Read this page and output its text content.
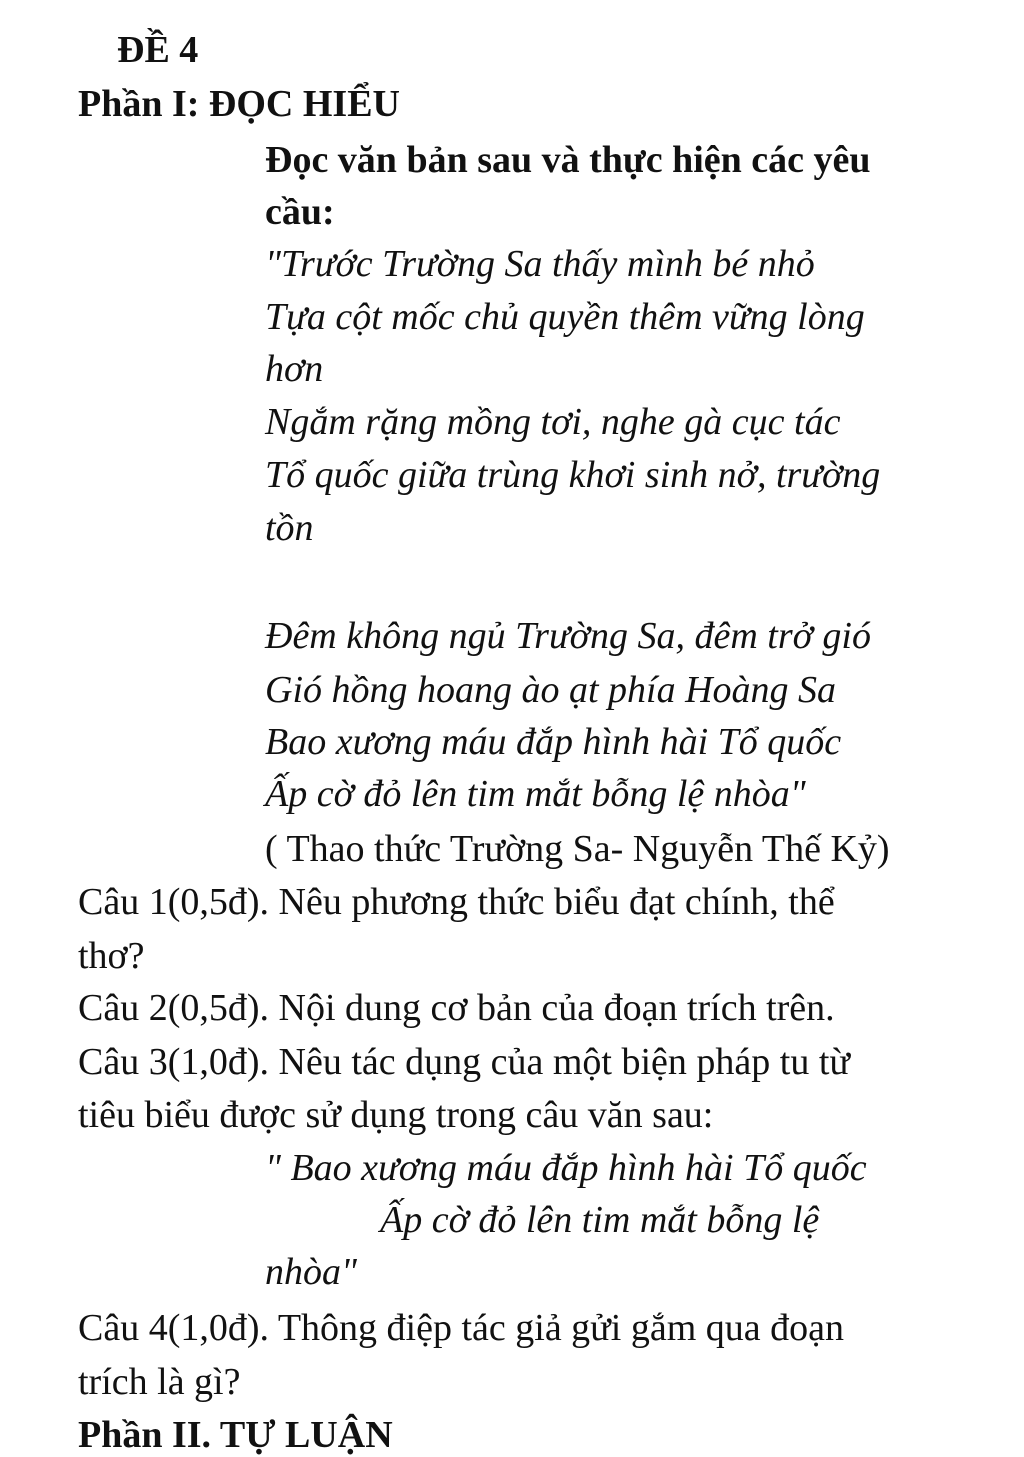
ĐỀ 4
Phần I: ĐỌC HIỂU
Đọc văn bản sau và thực hiện các yêu
cầu:
"Trước Trường Sa thấy mình bé nhỏ
Tựa cột mốc chủ quyền thêm vững lòng
hơn
Ngắm rặng mồng tơi, nghe gà cục tác
Tổ quốc giữa trùng khơi sinh nở, trường
tồn
Đêm không ngủ Trường Sa, đêm trở gió
Gió hồng hoang ào ạt phía Hoàng Sa
Bao xương máu đắp hình hài Tổ quốc
Ấp cờ đỏ lên tim mắt bỗng lệ nhòa"
( Thao thức Trường Sa- Nguyễn Thế Kỷ)
Câu 1(0,5đ). Nêu phương thức biểu đạt chính, thể
thơ?
Câu 2(0,5đ). Nội dung cơ bản của đoạn trích trên.
Câu 3(1,0đ). Nêu tác dụng của một biện pháp tu từ
tiêu biểu được sử dụng trong câu văn sau:
" Bao xương máu đắp hình hài Tổ quốc
Ấp cờ đỏ lên tim mắt bỗng lệ
nhòa"
Câu 4(1,0đ). Thông điệp tác giả gửi gắm qua đoạn
trích là gì?
Phần II. TỰ LUẬN
